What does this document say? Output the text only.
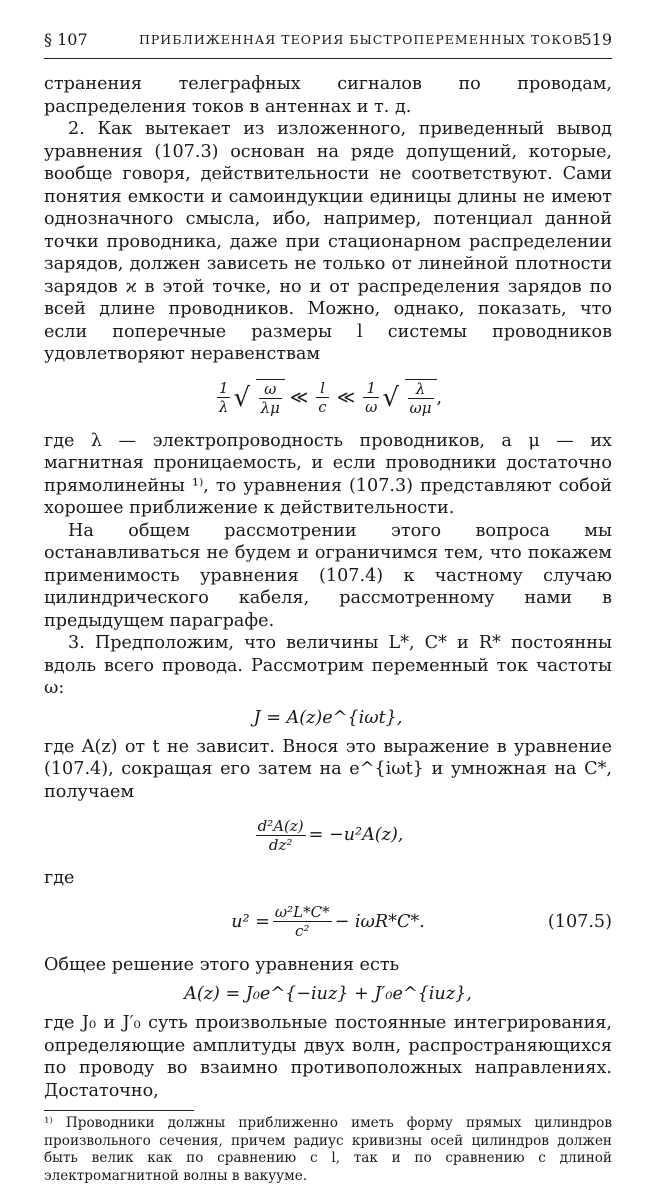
§ 107	ПРИБЛИЖЕННАЯ ТЕОРИЯ БЫСТРОПЕРЕМЕННЫХ ТОКОВ
519

странения телеграфных сигналов по проводам, распределения токов в антеннах и т. д.

2. Как вытекает из изложенного, приведенный вывод уравнения (107.3) основан на ряде допущений, которые, вообще говоря, действительности не соответствуют. Сами понятия емкости и самоиндукции единицы длины не имеют однозначного смысла, ибо, например, потенциал данной точки проводника, даже при стационарном распределении зарядов, должен зависеть не только от линейной плотности зарядов ϰ в этой точке, но и от распределения зарядов по всей длине проводников. Можно, однако, показать, что если поперечные размеры l системы проводников удовлетворяют неравенствам

$\frac{1}{\lambda}$ √ $\frac{\omega}{\lambda\mu}$ ≪ $\frac{l}{c}$ ≪ $\frac{1}{\omega}$ √ $\frac{\lambda}{\omega\mu}$ ,

где λ — электропроводность проводников, а μ — их магнитная проницаемость, и если проводники достаточно прямолинейны ¹⁾, то уравнения (107.3) представляют собой хорошее приближение к действительности.

На общем рассмотрении этого вопроса мы останавливаться не будем и ограничимся тем, что покажем применимость уравнения (107.4) к частному случаю цилиндрического кабеля, рассмотренному нами в предыдущем параграфе.

3. Предположим, что величины L*, C* и R* постоянны вдоль всего провода. Рассмотрим переменный ток частоты ω:

J = A(z)e^{iωt},

где A(z) от t не зависит. Внося это выражение в уравнение (107.4), сокращая его затем на e^{iωt} и умножная на C*, получаем

$\frac{\text{d²A(z)}}{\text{dz²}} = -u^2A(z)$,

где

$u^2 = \frac{\text{ω²L*C*}}{\text{c²}} - i\omega R*C*$.	(107.5)

Общее решение этого уравнения есть

A(z) = J₀e^{−iuz} + J′₀e^{iuz},

где J₀ и J′₀ суть произвольные постоянные интегрирования, определяющие амплитуды двух волн, распространяющихся по проводу во взаимно противоположных направлениях. Достаточно,

¹⁾ Проводники должны приближенно иметь форму прямых цилиндров произвольного сечения, причем радиус кривизны осей цилиндров должен быть велик как по сравнению с l, так и по сравнению с длиной электромагнитной волны в вакууме.
